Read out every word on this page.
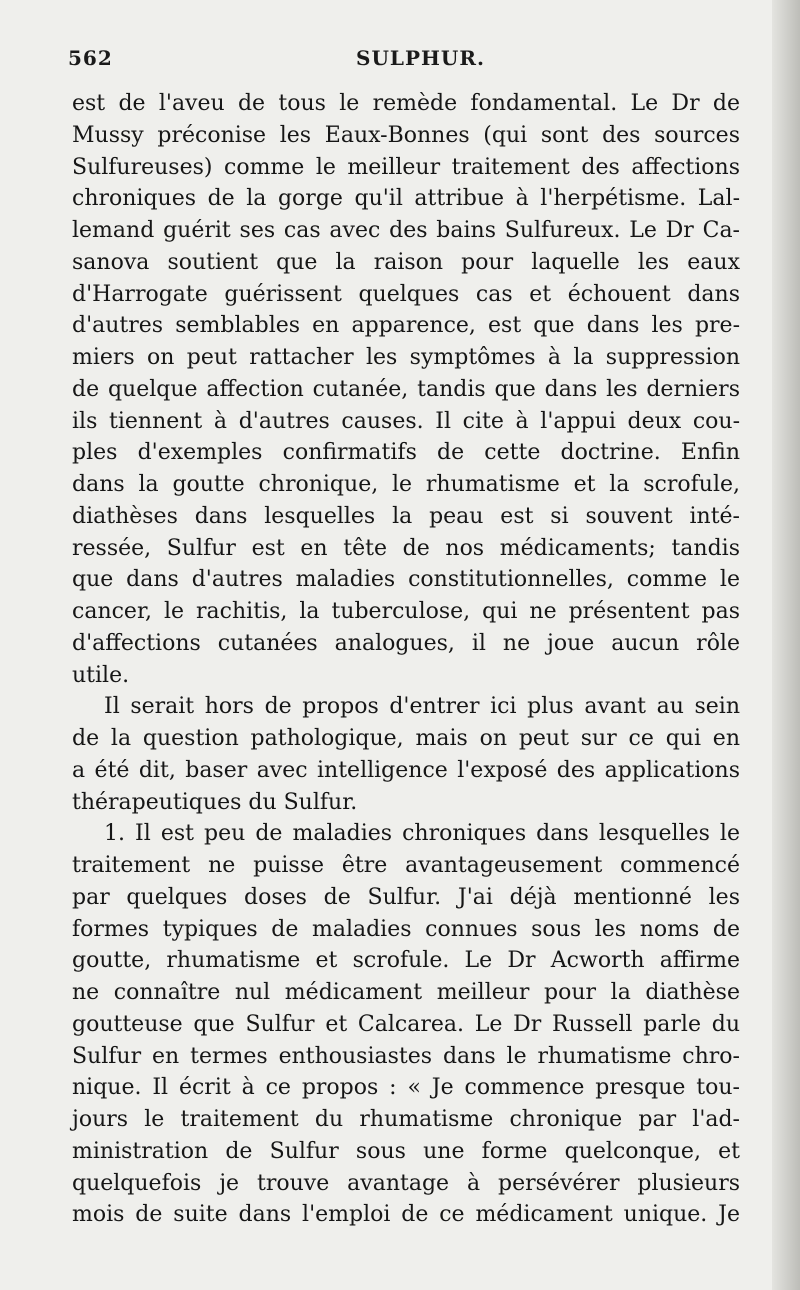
562	SULPHUR.
est de l'aveu de tous le remède fondamental. Le Dr de
Mussy préconise les Eaux-Bonnes (qui sont des sources
Sulfureuses) comme le meilleur traitement des affections
chroniques de la gorge qu'il attribue à l'herpétisme. Lal-
lemand guérit ses cas avec des bains Sulfureux. Le Dr Ca-
sanova soutient que la raison pour laquelle les eaux
d'Harrogate guérissent quelques cas et échouent dans
d'autres semblables en apparence, est que dans les pre-
miers on peut rattacher les symptômes à la suppression
de quelque affection cutanée, tandis que dans les derniers
ils tiennent à d'autres causes. Il cite à l'appui deux cou-
ples d'exemples confirmatifs de cette doctrine. Enfin
dans la goutte chronique, le rhumatisme et la scrofule,
diathèses dans lesquelles la peau est si souvent inté-
ressée, Sulfur est en tête de nos médicaments; tandis
que dans d'autres maladies constitutionnelles, comme le
cancer, le rachitis, la tuberculose, qui ne présentent pas
d'affections cutanées analogues, il ne joue aucun rôle
utile.
Il serait hors de propos d'entrer ici plus avant au sein
de la question pathologique, mais on peut sur ce qui en
a été dit, baser avec intelligence l'exposé des applications
thérapeutiques du Sulfur.
1. Il est peu de maladies chroniques dans lesquelles le
traitement ne puisse être avantageusement commencé
par quelques doses de Sulfur. J'ai déjà mentionné les
formes typiques de maladies connues sous les noms de
goutte, rhumatisme et scrofule. Le Dr Acworth affirme
ne connaître nul médicament meilleur pour la diathèse
goutteuse que Sulfur et Calcarea. Le Dr Russell parle du
Sulfur en termes enthousiastes dans le rhumatisme chro-
nique. Il écrit à ce propos : « Je commence presque tou-
jours le traitement du rhumatisme chronique par l'ad-
ministration de Sulfur sous une forme quelconque, et
quelquefois je trouve avantage à persévérer plusieurs
mois de suite dans l'emploi de ce médicament unique. Je
